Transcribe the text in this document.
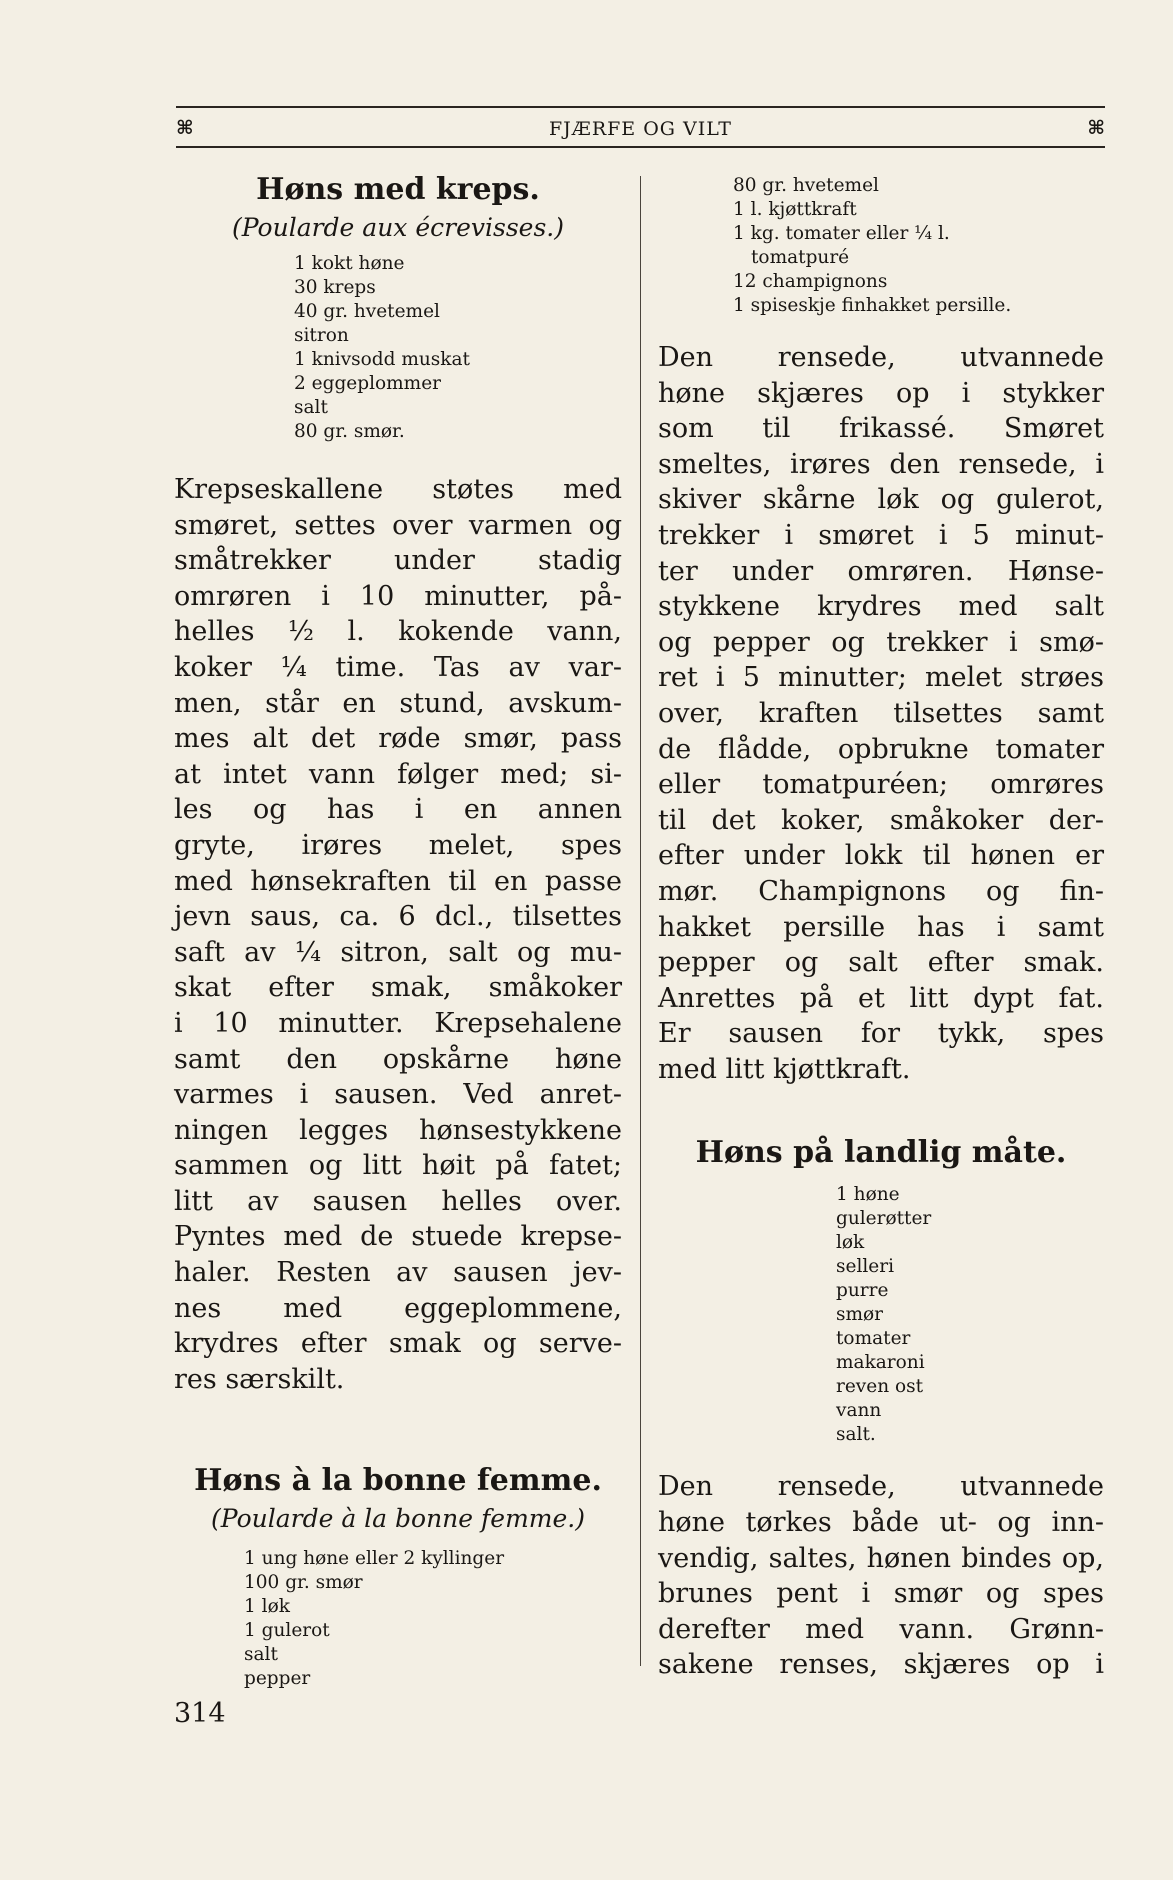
⌘	FJÆRFE OG VILT	⌘
Høns med kreps.

(Poularde aux écrevisses.)

1 kokt høne
30 kreps
40 gr. hvetemel
sitron
1 knivsodd muskat
2 eggeplommer
salt
80 gr. smør.
Krepseskallene støtes med
smøret, settes over varmen og
småtrekker under stadig
omrøren i 10 minutter, på-
helles ½ l. kokende vann,
koker ¼ time. Tas av var-
men, står en stund, avskum-
mes alt det røde smør, pass
at intet vann følger med; si-
les og has i en annen
gryte, irøres melet, spes
med hønsekraften til en passe
jevn saus, ca. 6 dcl., tilsettes
saft av ¼ sitron, salt og mu-
skat efter smak, småkoker
i 10 minutter. Krepsehalene
samt den opskårne høne
varmes i sausen. Ved anret-
ningen legges hønsestykkene
sammen og litt høit på fatet;
litt av sausen helles over.
Pyntes med de stuede krepse-
haler. Resten av sausen jev-
nes med eggeplommene,
krydres efter smak og serve-
res særskilt.
Høns à la bonne femme.

(Poularde à la bonne femme.)

1 ung høne eller 2 kyllinger
100 gr. smør
1 løk
1 gulerot
salt
pepper
80 gr. hvetemel
1 l. kjøttkraft
1 kg. tomater eller ¼ l.
tomatpuré
12 champignons
1 spiseskje finhakket persille.
Den rensede, utvannede
høne skjæres op i stykker
som til frikassé. Smøret
smeltes, irøres den rensede, i
skiver skårne løk og gulerot,
trekker i smøret i 5 minut-
ter under omrøren. Hønse-
stykkene krydres med salt
og pepper og trekker i smø-
ret i 5 minutter; melet strøes
over, kraften tilsettes samt
de flådde, opbrukne tomater
eller tomatpuréen; omrøres
til det koker, småkoker der-
efter under lokk til hønen er
mør. Champignons og fin-
hakket persille has i samt
pepper og salt efter smak.
Anrettes på et litt dypt fat.
Er sausen for tykk, spes
med litt kjøttkraft.
Høns på landlig måte.
1 høne
gulerøtter
løk
selleri
purre
smør
tomater
makaroni
reven ost
vann
salt.
Den rensede, utvannede
høne tørkes både ut- og inn-
vendig, saltes, hønen bindes op,
brunes pent i smør og spes
derefter med vann. Grønn-
sakene renses, skjæres op i
314
